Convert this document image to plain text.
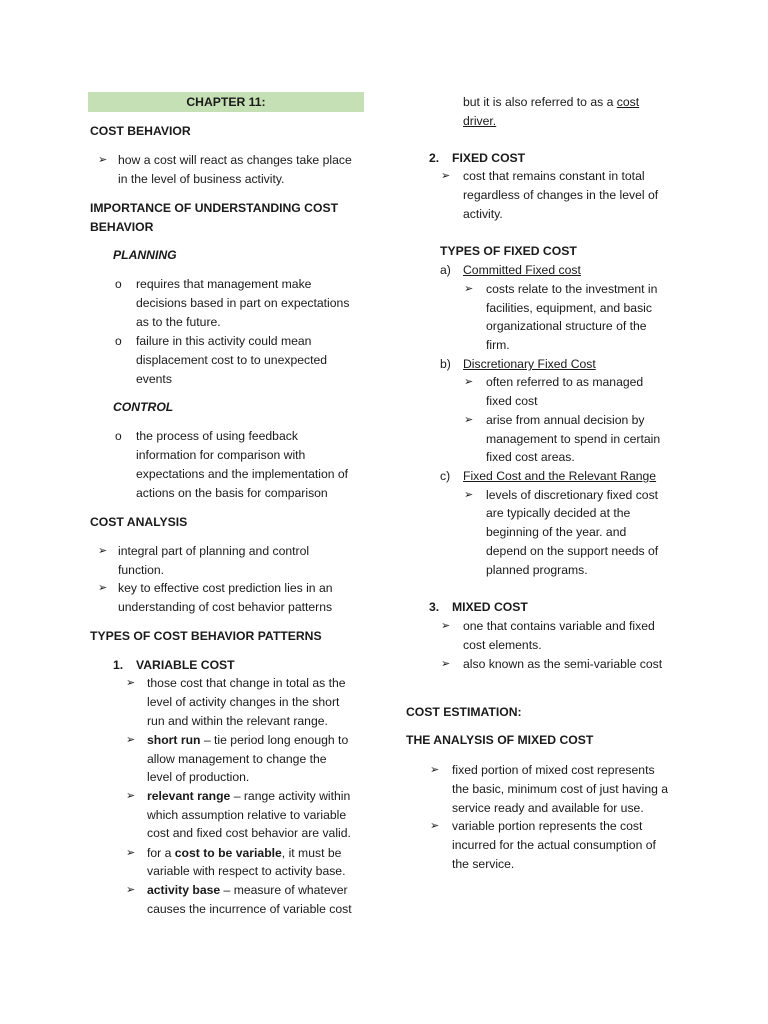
CHAPTER 11:
COST BEHAVIOR
➢ how a cost will react as changes take place
in the level of business activity.
IMPORTANCE OF UNDERSTANDING COST
BEHAVIOR
PLANNING
o requires that management make
decisions based in part on expectations
as to the future.
o failure in this activity could mean
displacement cost to to unexpected
events
CONTROL
o the process of using feedback
information for comparison with
expectations and the implementation of
actions on the basis for comparison
COST ANALYSIS
➢ integral part of planning and control
function.
➢ key to effective cost prediction lies in an
understanding of cost behavior patterns
TYPES OF COST BEHAVIOR PATTERNS
1. VARIABLE COST
➢ those cost that change in total as the
level of activity changes in the short
run and within the relevant range.
➢ short run – tie period long enough to
allow management to change the
level of production.
➢ relevant range – range activity within
which assumption relative to variable
cost and fixed cost behavior are valid.
➢ for a cost to be variable, it must be
variable with respect to activity base.
➢ activity base – measure of whatever
causes the incurrence of variable cost
but it is also referred to as a cost
driver.
2. FIXED COST
➢ cost that remains constant in total
regardless of changes in the level of
activity.
TYPES OF FIXED COST
a) Committed Fixed cost
➢ costs relate to the investment in
facilities, equipment, and basic
organizational structure of the
firm.
b) Discretionary Fixed Cost
➢ often referred to as managed
fixed cost
➢ arise from annual decision by
management to spend in certain
fixed cost areas.
c) Fixed Cost and the Relevant Range
➢ levels of discretionary fixed cost
are typically decided at the
beginning of the year. and
depend on the support needs of
planned programs.
3. MIXED COST
➢ one that contains variable and fixed
cost elements.
➢ also known as the semi-variable cost
COST ESTIMATION:
THE ANALYSIS OF MIXED COST
➢ fixed portion of mixed cost represents
the basic, minimum cost of just having a
service ready and available for use.
➢ variable portion represents the cost
incurred for the actual consumption of
the service.
